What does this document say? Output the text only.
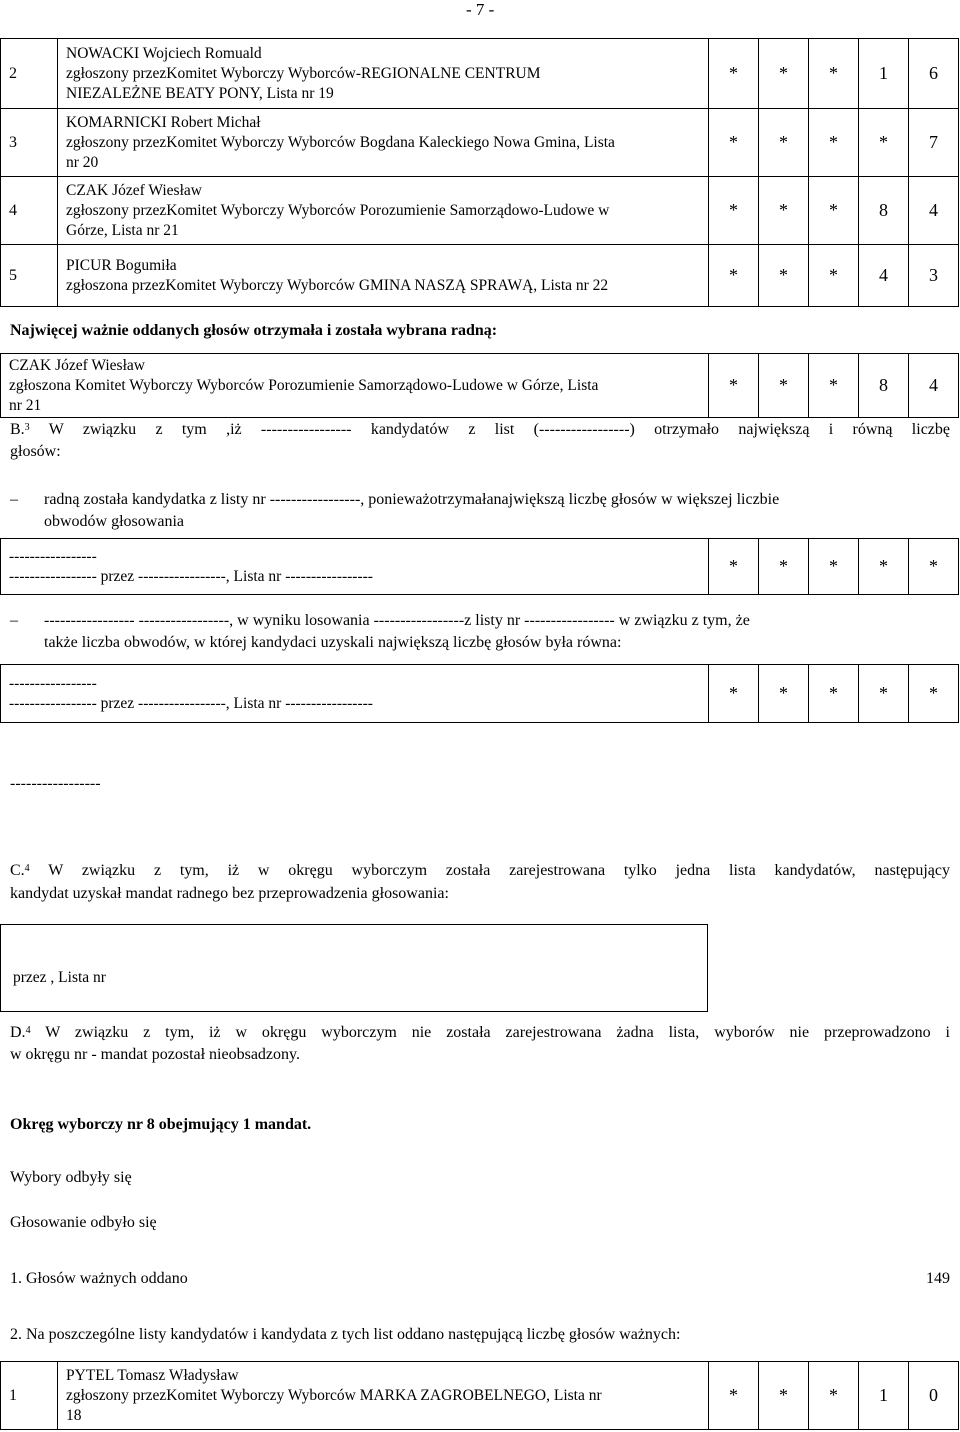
- 7 -
2	NOWACKI Wojciech Romuald
zgłoszony przezKomitet Wyborczy Wyborców-REGIONALNE CENTRUM
NIEZALEŻNE BEATY PONY, Lista nr 19	*	*	*	1	6
3	KOMARNICKI Robert Michał
zgłoszony przezKomitet Wyborczy Wyborców Bogdana Kaleckiego Nowa Gmina, Lista
nr 20	*	*	*	*	7
4	CZAK Józef Wiesław
zgłoszony przezKomitet Wyborczy Wyborców Porozumienie Samorządowo-Ludowe w
Górze, Lista nr 21	*	*	*	8	4
5	PICUR Bogumiła
zgłoszona przezKomitet Wyborczy Wyborców GMINA NASZĄ SPRAWĄ, Lista nr 22	*	*	*	4	3
Najwięcej ważnie oddanych głosów otrzymała i została wybrana radną:
CZAK Józef Wiesław
zgłoszona Komitet Wyborczy Wyborców Porozumienie Samorządowo-Ludowe w Górze, Lista
nr 21
	*	*	*	8	4
B.$^3$ W związku z tym ,iż ----------------- kandydatów z list (-----------------) otrzymało największą i równą liczbę
głosów:
– radną została kandydatka z listy nr -----------------, ponieważotrzymałanajwiększą liczbę głosów w większej liczbie
obwodów głosowania
-----------------
----------------- przez -----------------, Lista nr -----------------	*	*	*	*	*
– ----------------- -----------------, w wyniku losowania -----------------z listy nr ----------------- w związku z tym, że
także liczba obwodów, w której kandydaci uzyskali największą liczbę głosów była równa:
-----------------
----------------- przez -----------------, Lista nr -----------------	*	*	*	*	*
-----------------
C.$^4$ W związku z tym, iż w okręgu wyborczym została zarejestrowana tylko jedna lista kandydatów, następujący
kandydat uzyskał mandat radnego bez przeprowadzenia głosowania:
przez , Lista nr
D.$^4$ W związku z tym, iż w okręgu wyborczym nie została zarejestrowana żadna lista, wyborów nie przeprowadzono i
w okręgu nr - mandat pozostał nieobsadzony.
Okręg wyborczy nr 8 obejmujący 1 mandat.
Wybory odbyły się
Głosowanie odbyło się
1. Głosów ważnych oddano	149
2. Na poszczególne listy kandydatów i kandydata z tych list oddano następującą liczbę głosów ważnych:
1	
PYTEL Tomasz Władysław
zgłoszony przezKomitet Wyborczy Wyborców MARKA ZAGROBELNEGO, Lista nr
18
	*	*	*	1	0
